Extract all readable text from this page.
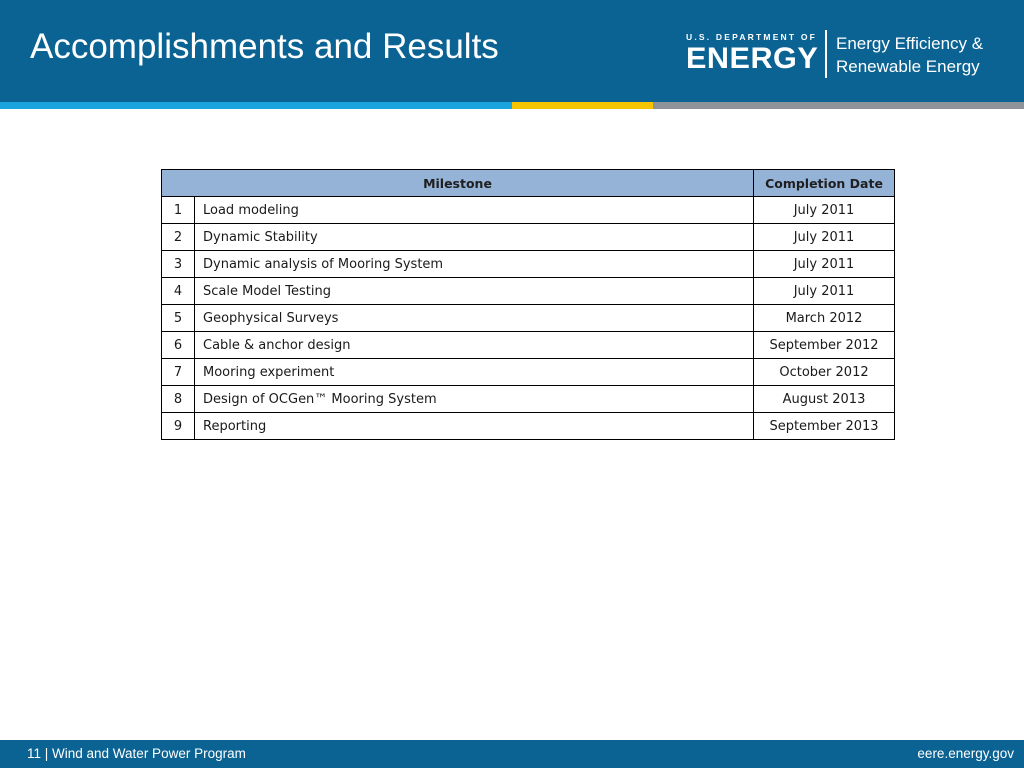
Accomplishments and Results	U.S. DEPARTMENT OF
ENERGY Energy Efficiency &
Renewable Energy
Milestone		Completion Date
1	Load modeling	July 2011
2	Dynamic Stability	July 2011
3	Dynamic analysis of Mooring System	July 2011
4	Scale Model Testing	July 2011
5	Geophysical Surveys	March 2012
6	Cable & anchor design	September 2012
7	Mooring experiment	October 2012
8	Design of OCGen™ Mooring System	August 2013
9	Reporting	September 2013
11 | Wind and Water Power Program	eere.energy.gov
